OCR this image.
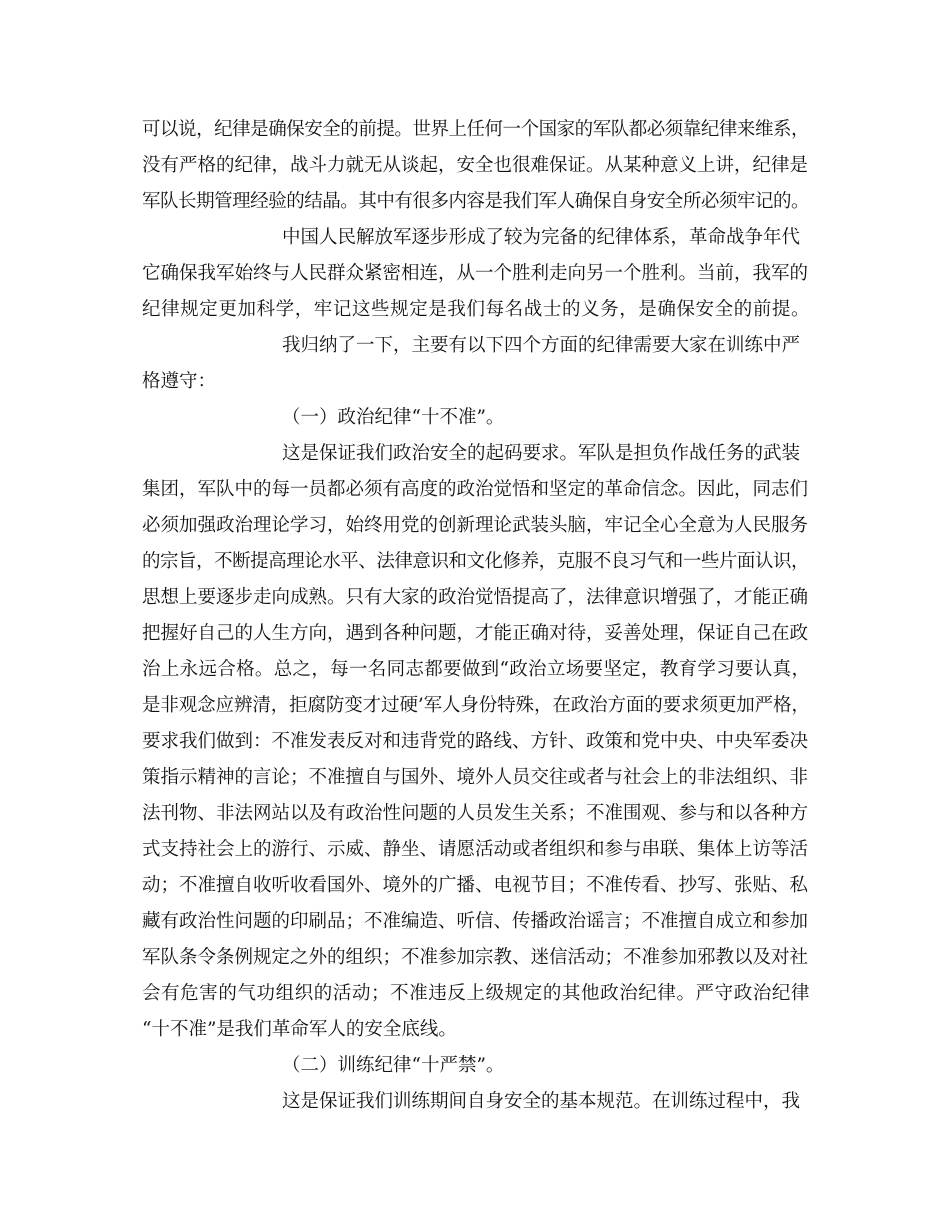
可以说，纪律是确保安全的前提。世界上任何一个国家的军队都必须靠纪律来维系，
没有严格的纪律，战斗力就无从谈起，安全也很难保证。从某种意义上讲，纪律是
军队长期管理经验的结晶。其中有很多内容是我们军人确保自身安全所必须牢记的。
中国人民解放军逐步形成了较为完备的纪律体系，革命战争年代
它确保我军始终与人民群众紧密相连，从一个胜利走向另一个胜利。当前，我军的
纪律规定更加科学，牢记这些规定是我们每名战士的义务，是确保安全的前提。
我归纳了一下，主要有以下四个方面的纪律需要大家在训练中严
格遵守：
（一）政治纪律“十不准”。
这是保证我们政治安全的起码要求。军队是担负作战任务的武装
集团，军队中的每一员都必须有高度的政治觉悟和坚定的革命信念。因此，同志们
必须加强政治理论学习，始终用党的创新理论武装头脑，牢记全心全意为人民服务
的宗旨，不断提高理论水平、法律意识和文化修养，克服不良习气和一些片面认识，
思想上要逐步走向成熟。只有大家的政治觉悟提高了，法律意识增强了，才能正确
把握好自己的人生方向，遇到各种问题，才能正确对待，妥善处理，保证自己在政
治上永远合格。总之，每一名同志都要做到“政治立场要坚定，教育学习要认真，
是非观念应辨清，拒腐防变才过硬’军人身份特殊，在政治方面的要求须更加严格，
要求我们做到：不准发表反对和违背党的路线、方针、政策和党中央、中央军委决
策指示精神的言论；不准擅自与国外、境外人员交往或者与社会上的非法组织、非
法刊物、非法网站以及有政治性问题的人员发生关系；不准围观、参与和以各种方
式支持社会上的游行、示威、静坐、请愿活动或者组织和参与串联、集体上访等活
动；不准擅自收听收看国外、境外的广播、电视节目；不准传看、抄写、张贴、私
藏有政治性问题的印刷品；不准编造、听信、传播政治谣言；不准擅自成立和参加
军队条令条例规定之外的组织；不准参加宗教、迷信活动；不准参加邪教以及对社
会有危害的气功组织的活动；不准违反上级规定的其他政治纪律。严守政治纪律
“十不准”是我们革命军人的安全底线。
（二）训练纪律“十严禁”。
这是保证我们训练期间自身安全的基本规范。在训练过程中，我
